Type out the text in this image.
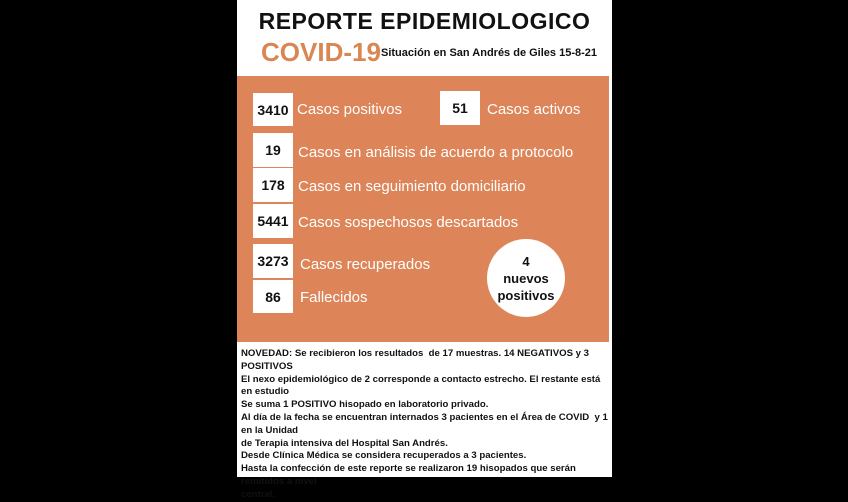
REPORTE EPIDEMIOLOGICO
COVID-19 Situación en San Andrés de Giles 15-8-21
3410 Casos positivos	51	Casos activos
19	Casos en análisis de acuerdo a protocolo
178 Casos en seguimiento domiciliario
5441 Casos sospechosos descartados
3273 Casos recuperados
86	Fallecidos
4
nuevos
positivos
NOVEDAD: Se recibieron los resultados  de 17 muestras. 14 NEGATIVOS y 3 POSITIVOS
El nexo epidemiológico de 2 corresponde a contacto estrecho. El restante está en estudio
Se suma 1 POSITIVO hisopado en laboratorio privado.
Al día de la fecha se encuentran internados 3 pacientes en el Área de COVID  y 1 en la Unidad
de Terapia intensiva del Hospital San Andrés.
Desde Clínica Médica se considera recuperados a 3 pacientes.
Hasta la confección de este reporte se realizaron 19 hisopados que serán remitidos a nivel
central.
